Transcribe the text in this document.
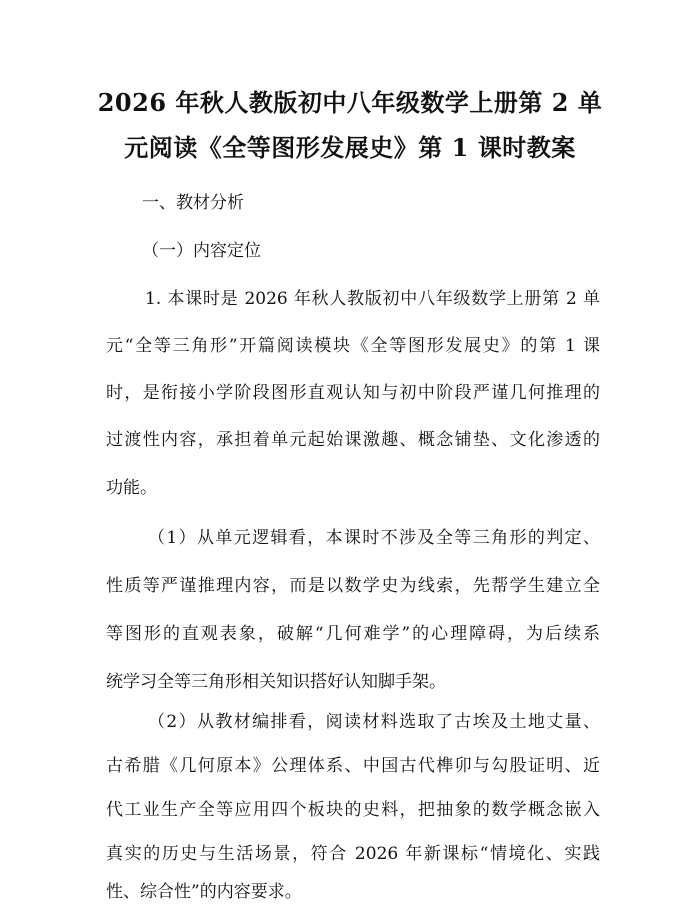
2026 年秋人教版初中八年级数学上册第 2 单
元阅读《全等图形发展史》第 1 课时教案
一、教材分析
（一）内容定位
1. 本课时是 2026 年秋人教版初中八年级数学上册第 2 单
元“全等三角形”开篇阅读模块《全等图形发展史》的第 1 课
时，是衔接小学阶段图形直观认知与初中阶段严谨几何推理的
过渡性内容，承担着单元起始课激趣、概念铺垫、文化渗透的
功能。
（1）从单元逻辑看，本课时不涉及全等三角形的判定、
性质等严谨推理内容，而是以数学史为线索，先帮学生建立全
等图形的直观表象，破解“几何难学”的心理障碍，为后续系
统学习全等三角形相关知识搭好认知脚手架。
（2）从教材编排看，阅读材料选取了古埃及土地丈量、
古希腊《几何原本》公理体系、中国古代榫卯与勾股证明、近
代工业生产全等应用四个板块的史料，把抽象的数学概念嵌入
真实的历史与生活场景，符合 2026 年新课标“情境化、实践
性、综合性”的内容要求。
